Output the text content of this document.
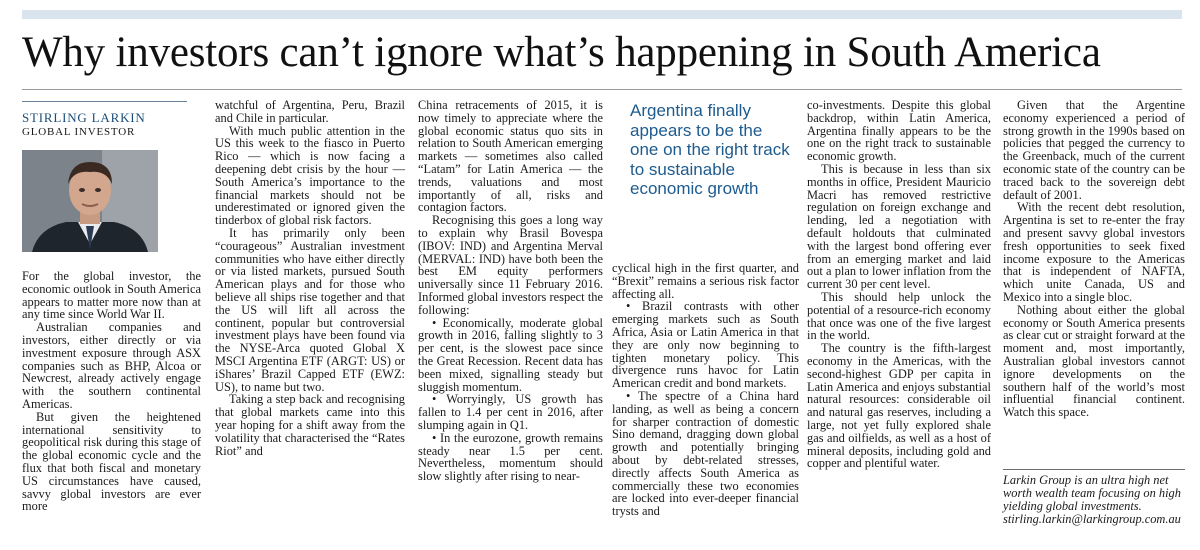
Why investors can’t ignore what’s happening in South America
STIRLING LARKIN
GLOBAL INVESTOR

For the global investor, the economic outlook in South America appears to matter more now than at any time since World War II.

Australian companies and investors, either directly or via investment exposure through ASX companies such as BHP, Alcoa or Newcrest, already actively engage with the southern continental Americas.

But given the heightened international sensitivity to geopolitical risk during this stage of the global economic cycle and the flux that both fiscal and monetary US circumstances have caused, savvy global investors are ever more

watchful of Argentina, Peru, Brazil and Chile in particular.

With much public attention in the US this week to the fiasco in Puerto Rico — which is now facing a deepening debt crisis by the hour — South America’s importance to the financial markets should not be underestimated or ignored given the tinderbox of global risk factors.

It has primarily only been “courageous” Australian investment communities who have either directly or via listed markets, pursued South American plays and for those who believe all ships rise together and that the US will lift all across the continent, popular but controversial investment plays have been found via the NYSE-Arca quoted Global X MSCI Argentina ETF (ARGT: US) or iShares’ Brazil Capped ETF (EWZ: US), to name but two.

Taking a step back and recognising that global markets came into this year hoping for a shift away from the volatility that characterised the “Rates Riot” and

China retracements of 2015, it is now timely to appreciate where the global economic status quo sits in relation to South American emerging markets — sometimes also called “Latam” for Latin America — the trends, valuations and most importantly of all, risks and contagion factors.

Recognising this goes a long way to explain why Brasil Bovespa (IBOV: IND) and Argentina Merval (MERVAL: IND) have both been the best EM equity performers universally since 11 February 2016. Informed global investors respect the following:

• Economically, moderate global growth in 2016, falling slightly to 3 per cent, is the slowest pace since the Great Recession. Recent data has been mixed, signalling steady but sluggish momentum.

• Worryingly, US growth has fallen to 1.4 per cent in 2016, after slumping again in Q1.

• In the eurozone, growth remains steady near 1.5 per cent. Nevertheless, momentum should slow slightly after rising to near-

Argentina finally appears to be the one on the right track to sustainable economic growth

cyclical high in the first quarter, and “Brexit” remains a serious risk factor affecting all.

• Brazil contrasts with other emerging markets such as South Africa, Asia or Latin America in that they are only now beginning to tighten monetary policy. This divergence runs havoc for Latin American credit and bond markets.

• The spectre of a China hard landing, as well as being a concern for sharper contraction of domestic Sino demand, dragging down global growth and potentially bringing about by debt-related stresses, directly affects South America as commercially these two economies are locked into ever-deeper financial trysts and

co-investments. Despite this global backdrop, within Latin America, Argentina finally appears to be the one on the right track to sustainable economic growth.

This is because in less than six months in office, President Mauricio Macri has removed restrictive regulation on foreign exchange and lending, led a negotiation with default holdouts that culminated with the largest bond offering ever from an emerging market and laid out a plan to lower inflation from the current 30 per cent level.

This should help unlock the potential of a resource-rich economy that once was one of the five largest in the world.

The country is the fifth-largest economy in the Americas, with the second-highest GDP per capita in Latin America and enjoys substantial natural resources: considerable oil and natural gas reserves, including a large, not yet fully explored shale gas and oilfields, as well as a host of mineral deposits, including gold and copper and plentiful water.

Given that the Argentine economy experienced a period of strong growth in the 1990s based on policies that pegged the currency to the Greenback, much of the current economic state of the country can be traced back to the sovereign debt default of 2001.

With the recent debt resolution, Argentina is set to re-enter the fray and present savvy global investors fresh opportunities to seek fixed income exposure to the Americas that is independent of NAFTA, which unite Canada, US and Mexico into a single bloc.

Nothing about either the global economy or South America presents as clear cut or straight forward at the moment and, most importantly, Australian global investors cannot ignore developments on the southern half of the world’s most influential financial continent. Watch this space.

Larkin Group is an ultra high net worth wealth team focusing on high yielding global investments. stirling.larkin@larkingroup.com.au
